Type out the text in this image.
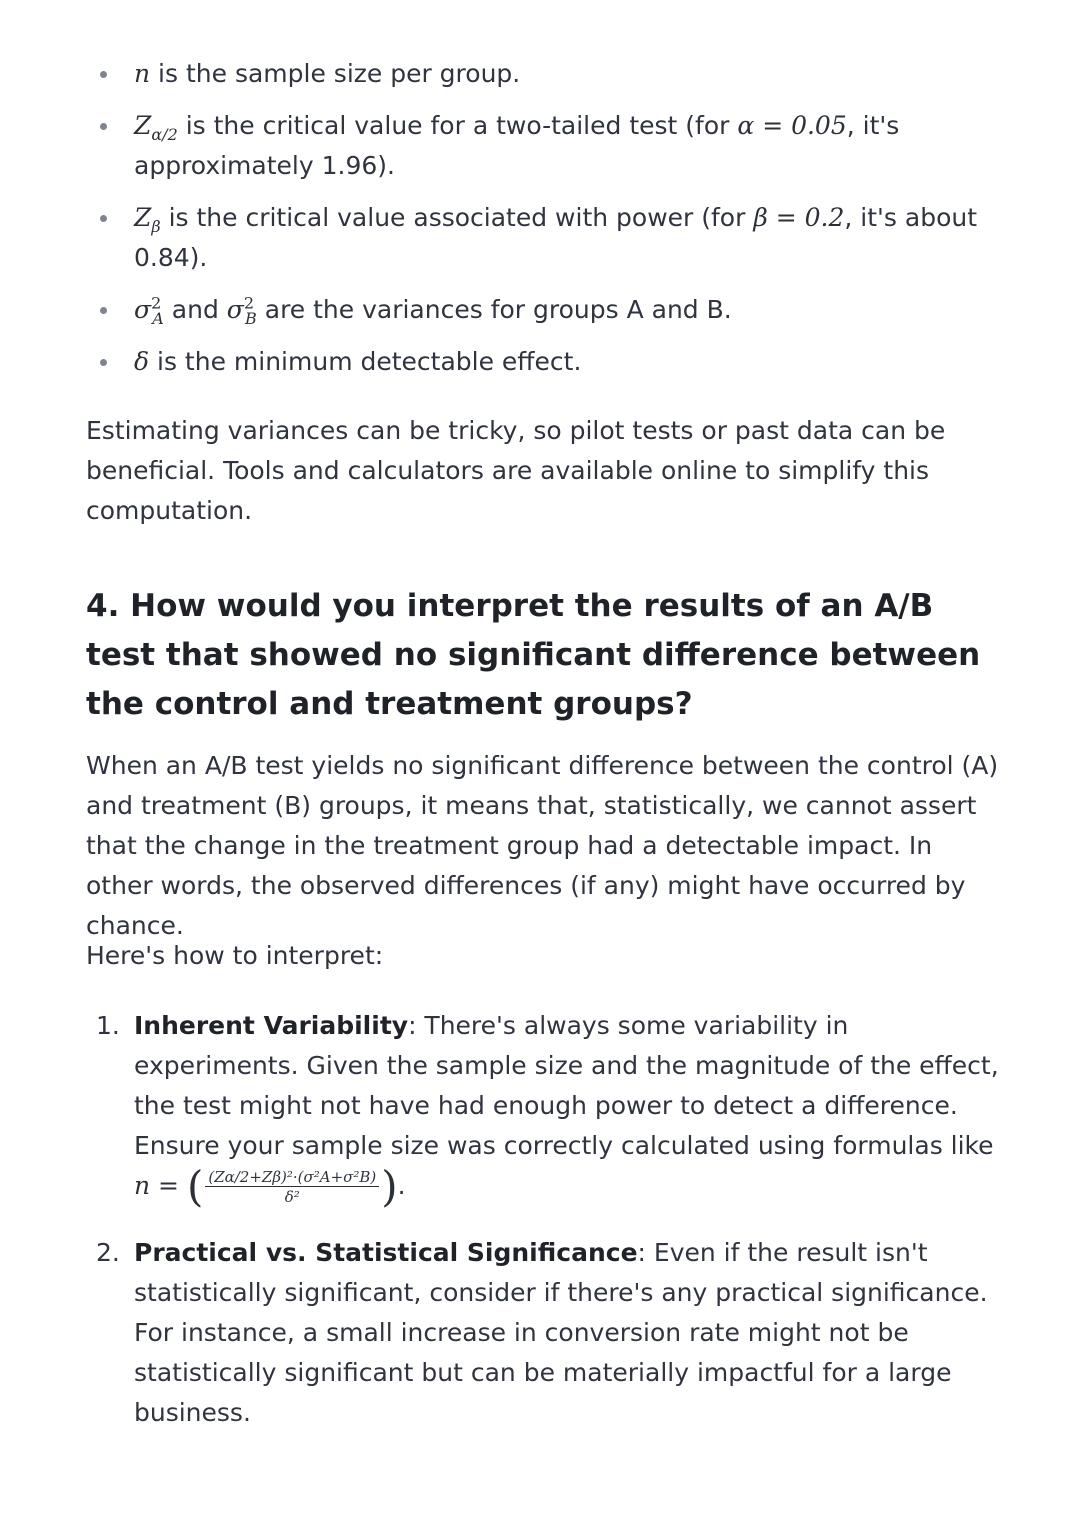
n is the sample size per group.
$Z_{\alpha/2}$ is the critical value for a two-tailed test (for α = 0.05, it's approximately 1.96).
$Z_\beta$ is the critical value associated with power (for β = 0.2, it's about 0.84).
$\sigma^2_A$ and $\sigma^2_B$ are the variances for groups A and B.
δ is the minimum detectable effect.

Estimating variances can be tricky, so pilot tests or past data can be beneficial. Tools and calculators are available online to simplify this computation.

4. How would you interpret the results of an A/B test that showed no significant difference between the control and treatment groups?

When an A/B test yields no significant difference between the control (A) and treatment (B) groups, it means that, statistically, we cannot assert that the change in the treatment group had a detectable impact. In other words, the observed differences (if any) might have occurred by chance.

Here's how to interpret:

1. Inherent Variability: There's always some variability in experiments. Given the sample size and the magnitude of the effect, the test might not have had enough power to detect a difference. Ensure your sample size was correctly calculated using formulas like n = ( $\frac{\text{(Zα/2+Zβ)²·(σ²A+σ²B)}}{\text{δ²}}$ ).
2. Practical vs. Statistical Significance: Even if the result isn't statistically significant, consider if there's any practical significance. For instance, a small increase in conversion rate might not be statistically significant but can be materially impactful for a large business.
